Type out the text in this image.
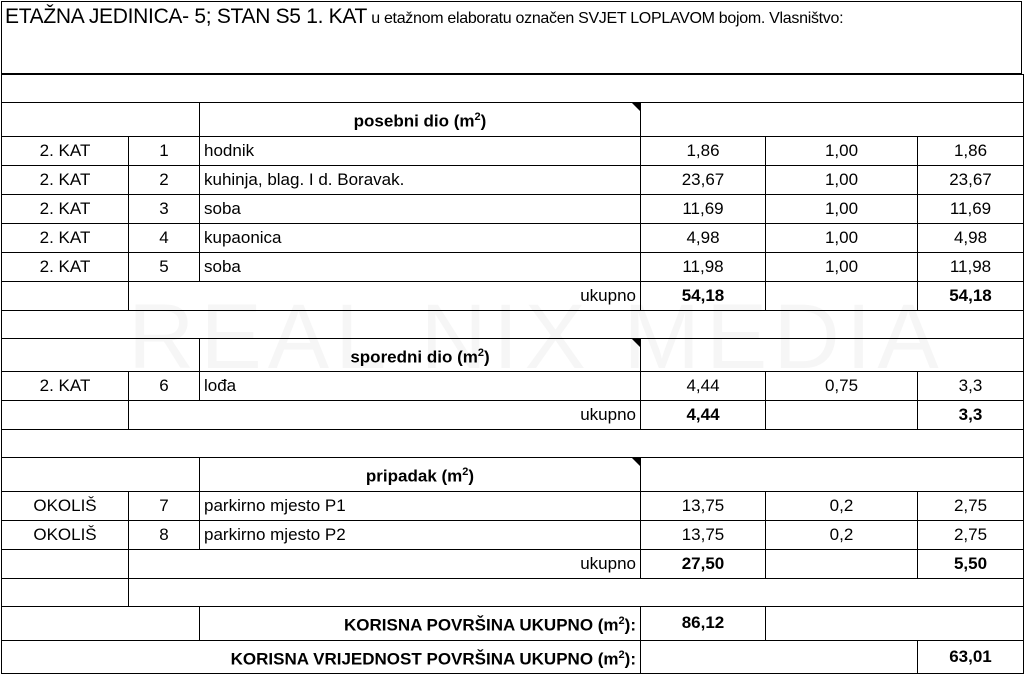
ETAŽNA JEDINICA- 5; STAN S5 1. KAT u etažnom elaboratu označen SVJET LOPLAVOM bojom. Vlasništvo:

		posebni dio $(m^2)$			
2. KAT	1	hodnik	1,86	1,00	1,86
2. KAT	2	kuhinja, blag. I d. Boravak.	23,67	1,00	23,67
2. KAT	3	soba	11,69	1,00	11,69
2. KAT	4	kupaonica	4,98	1,00	4,98
2. KAT	5	soba	11,98	1,00	11,98
	ukupno		54,18		54,18

		sporedni dio $(m^2)$			
2. KAT	6	lođa	4,44	0,75	3,3
	ukupno		4,44		3,3

		pripadak $(m^2)$			
OKOLIŠ	7	parkirno mjesto P1	13,75	0,2	2,75
OKOLIŠ	8	parkirno mjesto P2	13,75	0,2	2,75
	ukupno		27,50		5,50

		KORISNA POVRŠINA UKUPNO $(m^2)$:	86,12		
KORISNA VRIJEDNOST POVRŠINA UKUPNO $(m^2)$:					63,01
